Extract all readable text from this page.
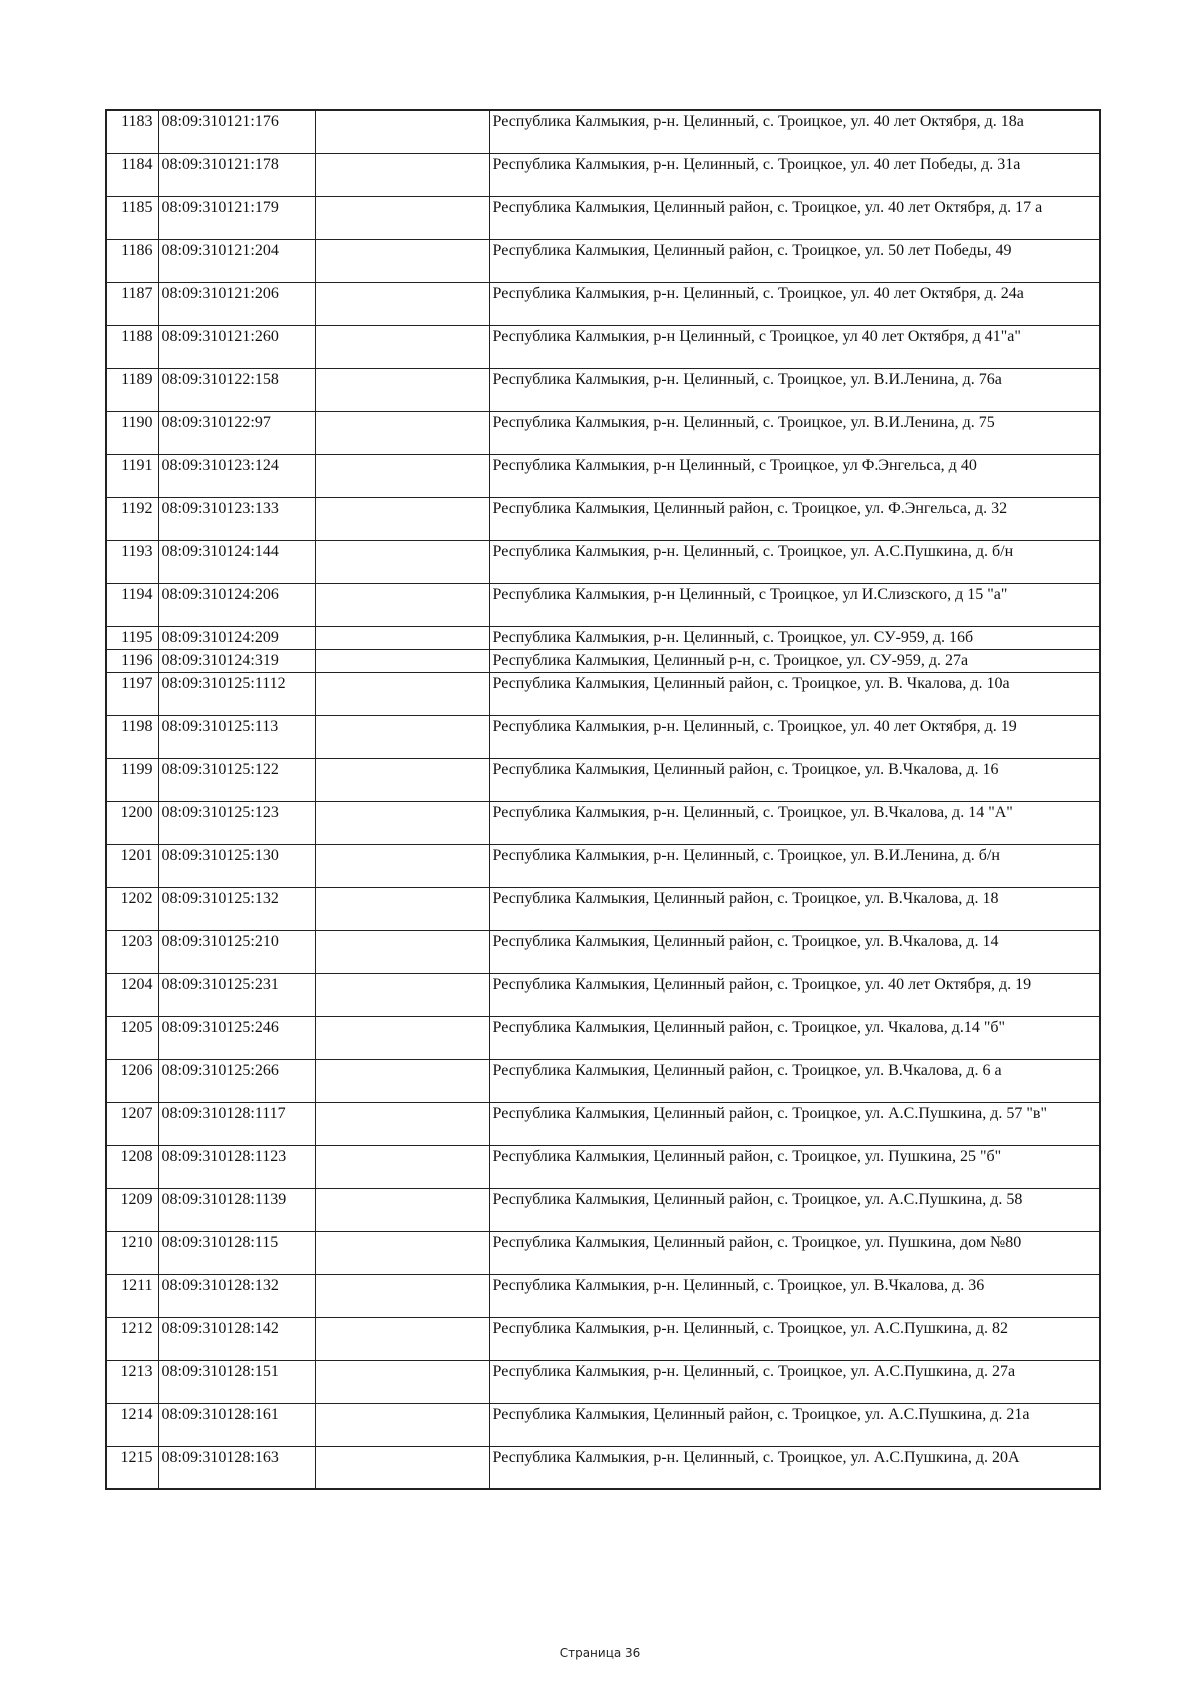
1183	08:09:310121:176		Республика Калмыкия, р-н. Целинный, с. Троицкое, ул. 40 лет Октября, д. 18а
1184	08:09:310121:178		Республика Калмыкия, р-н. Целинный, с. Троицкое, ул. 40 лет Победы, д. 31а
1185	08:09:310121:179		Республика Калмыкия, Целинный район, с. Троицкое, ул. 40 лет Октября, д. 17 а
1186	08:09:310121:204		Республика Калмыкия, Целинный район, с. Троицкое, ул. 50 лет Победы, 49
1187	08:09:310121:206		Республика Калмыкия, р-н. Целинный, с. Троицкое, ул. 40 лет Октября, д. 24а
1188	08:09:310121:260		Республика Калмыкия, р-н Целинный, с Троицкое, ул 40 лет Октября, д 41"а"
1189	08:09:310122:158		Республика Калмыкия, р-н. Целинный, с. Троицкое, ул. В.И.Ленина, д. 76а
1190	08:09:310122:97		Республика Калмыкия, р-н. Целинный, с. Троицкое, ул. В.И.Ленина, д. 75
1191	08:09:310123:124		Республика Калмыкия, р-н Целинный, с Троицкое, ул Ф.Энгельса, д 40
1192	08:09:310123:133		Республика Калмыкия, Целинный район, с. Троицкое, ул. Ф.Энгельса, д. 32
1193	08:09:310124:144		Республика Калмыкия, р-н. Целинный, с. Троицкое, ул. А.С.Пушкина, д. б/н
1194	08:09:310124:206		Республика Калмыкия, р-н Целинный, с Троицкое, ул И.Слизского, д 15 "а"
1195	08:09:310124:209		Республика Калмыкия, р-н. Целинный, с. Троицкое, ул. СУ-959, д. 16б
1196	08:09:310124:319		Республика Калмыкия, Целинный р-н, с. Троицкое, ул. СУ-959, д. 27а
1197	08:09:310125:1112		Республика Калмыкия, Целинный район, с. Троицкое, ул. В. Чкалова, д. 10а
1198	08:09:310125:113		Республика Калмыкия, р-н. Целинный, с. Троицкое, ул. 40 лет Октября, д. 19
1199	08:09:310125:122		Республика Калмыкия, Целинный район, с. Троицкое, ул. В.Чкалова, д. 16
1200	08:09:310125:123		Республика Калмыкия, р-н. Целинный, с. Троицкое, ул. В.Чкалова, д. 14 "А"
1201	08:09:310125:130		Республика Калмыкия, р-н. Целинный, с. Троицкое, ул. В.И.Ленина, д. б/н
1202	08:09:310125:132		Республика Калмыкия, Целинный район, с. Троицкое, ул. В.Чкалова, д. 18
1203	08:09:310125:210		Республика Калмыкия, Целинный район, с. Троицкое, ул. В.Чкалова, д. 14
1204	08:09:310125:231		Республика Калмыкия, Целинный район, с. Троицкое, ул. 40 лет Октября, д. 19
1205	08:09:310125:246		Республика Калмыкия, Целинный район, с. Троицкое, ул. Чкалова, д.14 "б"
1206	08:09:310125:266		Республика Калмыкия, Целинный район, с. Троицкое, ул. В.Чкалова, д. 6 а
1207	08:09:310128:1117		Республика Калмыкия, Целинный район, с. Троицкое, ул. А.С.Пушкина, д. 57 "в"
1208	08:09:310128:1123		Республика Калмыкия, Целинный район, с. Троицкое, ул. Пушкина, 25 "б"
1209	08:09:310128:1139		Республика Калмыкия, Целинный район, с. Троицкое, ул. А.С.Пушкина, д. 58
1210	08:09:310128:115		Республика Калмыкия, Целинный район, с. Троицкое, ул. Пушкина, дом №80
1211	08:09:310128:132		Республика Калмыкия, р-н. Целинный, с. Троицкое, ул. В.Чкалова, д. 36
1212	08:09:310128:142		Республика Калмыкия, р-н. Целинный, с. Троицкое, ул. А.С.Пушкина, д. 82
1213	08:09:310128:151		Республика Калмыкия, р-н. Целинный, с. Троицкое, ул. А.С.Пушкина, д. 27а
1214	08:09:310128:161		Республика Калмыкия, Целинный район, с. Троицкое, ул. А.С.Пушкина, д. 21а
1215	08:09:310128:163		Республика Калмыкия, р-н. Целинный, с. Троицкое, ул. А.С.Пушкина, д. 20А
Страница 36
